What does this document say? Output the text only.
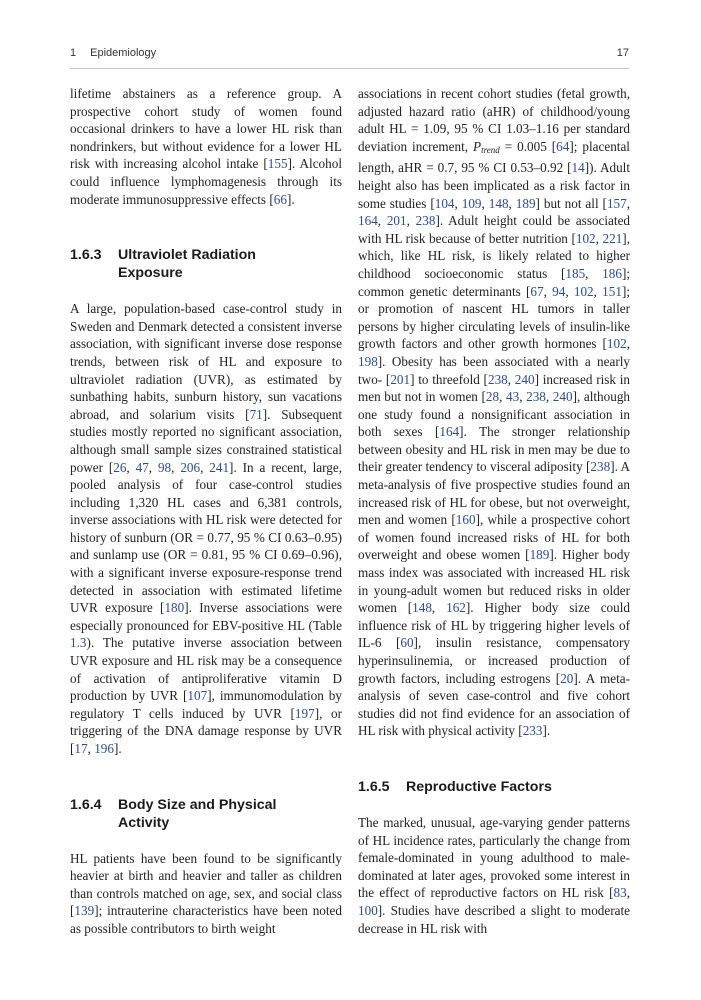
1 Epidemiology	17

lifetime abstainers as a reference group. A prospective cohort study of women found occasional drinkers to have a lower HL risk than nondrinkers, but without evidence for a lower HL risk with increasing alcohol intake [155]. Alcohol could influence lymphomagenesis through its moderate immunosuppressive effects [66].

1.6.3	Ultraviolet Radiation
Exposure

A large, population-based case-control study in Sweden and Denmark detected a consistent inverse association, with significant inverse dose response trends, between risk of HL and exposure to ultraviolet radiation (UVR), as estimated by sunbathing habits, sunburn history, sun vacations abroad, and solarium visits [71]. Subsequent studies mostly reported no significant association, although small sample sizes constrained statistical power [26, 47, 98, 206, 241]. In a recent, large, pooled analysis of four case-control studies including 1,320 HL cases and 6,381 controls, inverse associations with HL risk were detected for history of sunburn (OR = 0.77, 95 % CI 0.63–0.95) and sunlamp use (OR = 0.81, 95 % CI 0.69–0.96), with a significant inverse exposure-response trend detected in association with estimated lifetime UVR exposure [180]. Inverse associations were especially pronounced for EBV-positive HL (Table 1.3). The putative inverse association between UVR exposure and HL risk may be a consequence of activation of antiproliferative vitamin D production by UVR [107], immunomodulation by regulatory T cells induced by UVR [197], or triggering of the DNA damage response by UVR [17, 196].

1.6.4	Body Size and Physical
Activity

HL patients have been found to be significantly heavier at birth and heavier and taller as children than controls matched on age, sex, and social class [139]; intrauterine characteristics have been noted as possible contributors to birth weight

associations in recent cohort studies (fetal growth, adjusted hazard ratio (aHR) of childhood/young adult HL = 1.09, 95 % CI 1.03–1.16 per standard deviation increment, $P_{trend} = 0.005$ [64]; placental length, aHR = 0.7, 95 % CI 0.53–0.92 [14]). Adult height also has been implicated as a risk factor in some studies [104, 109, 148, 189] but not all [157, 164, 201, 238]. Adult height could be associated with HL risk because of better nutrition [102, 221], which, like HL risk, is likely related to higher childhood socioeconomic status [185, 186]; common genetic determinants [67, 94, 102, 151]; or promotion of nascent HL tumors in taller persons by higher circulating levels of insulin-like growth factors and other growth hormones [102, 198]. Obesity has been associated with a nearly two- [201] to threefold [238, 240] increased risk in men but not in women [28, 43, 238, 240], although one study found a nonsignificant association in both sexes [164]. The stronger relationship between obesity and HL risk in men may be due to their greater tendency to visceral adiposity [238]. A meta-analysis of five prospective studies found an increased risk of HL for obese, but not overweight, men and women [160], while a prospective cohort of women found increased risks of HL for both overweight and obese women [189]. Higher body mass index was associated with increased HL risk in young-adult women but reduced risks in older women [148, 162]. Higher body size could influence risk of HL by triggering higher levels of IL-6 [60], insulin resistance, compensatory hyperinsulinemia, or increased production of growth factors, including estrogens [20]. A meta-analysis of seven case-control and five cohort studies did not find evidence for an association of HL risk with physical activity [233].

1.6.5	Reproductive Factors

The marked, unusual, age-varying gender patterns of HL incidence rates, particularly the change from female-dominated in young adulthood to male-dominated at later ages, provoked some interest in the effect of reproductive factors on HL risk [83, 100]. Studies have described a slight to moderate decrease in HL risk with
